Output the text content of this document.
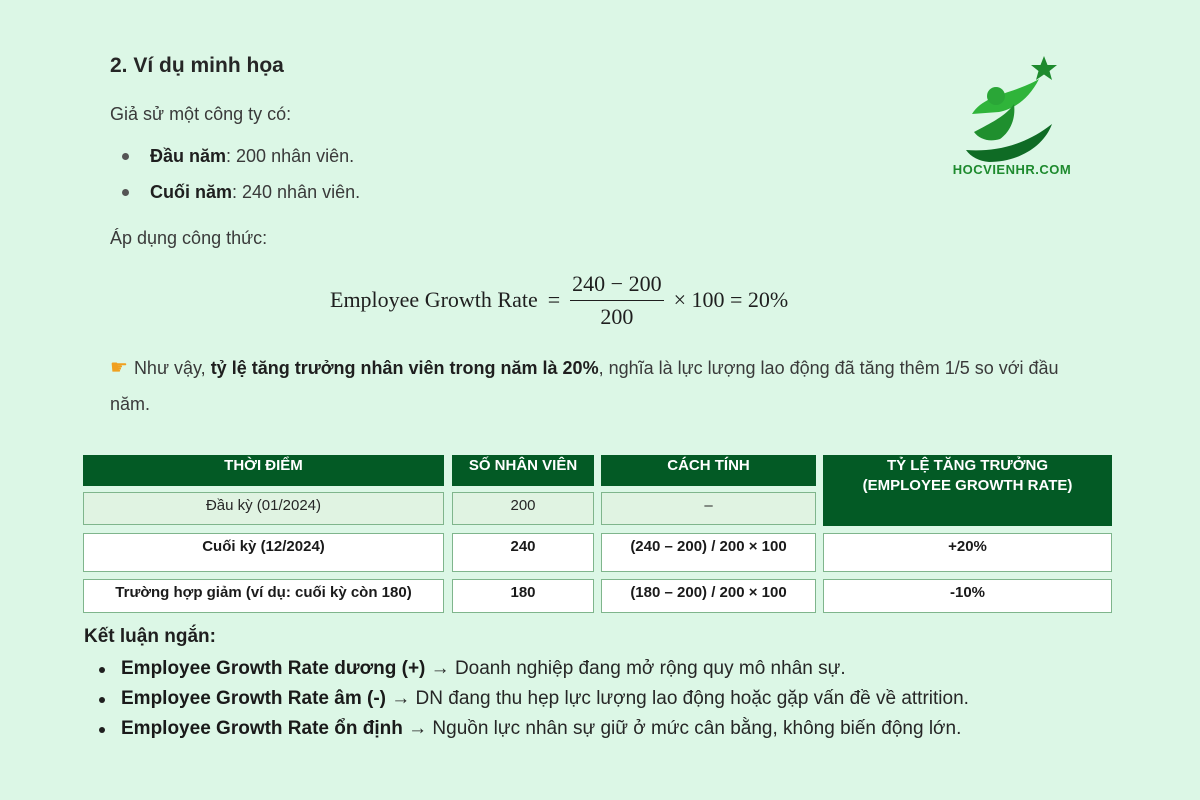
2. Ví dụ minh họa
Giả sử một công ty có:
Đầu năm: 200 nhân viên.
Cuối năm: 240 nhân viên.
Áp dụng công thức:
Employee Growth Rate = $\frac{240 - 200}{200} \times 100 = 20\%$
☛ Như vậy, tỷ lệ tăng trưởng nhân viên trong năm là 20%, nghĩa là lực lượng lao động đã tăng thêm 1/5 so với đầu năm.
HOCVIENHR.COM
THỜI ĐIỂM	SỐ NHÂN VIÊN	CÁCH TÍNH	TỶ LỆ TĂNG TRƯỞNG (EMPLOYEE GROWTH RATE)
Đầu kỳ (01/2024)	200	–
Cuối kỳ (12/2024)	240	(240 – 200) / 200 × 100	+20%
Trường hợp giảm (ví dụ: cuối kỳ còn 180)	180	(180 – 200) / 200 × 100	-10%
Kết luận ngắn:
Employee Growth Rate dương (+) → Doanh nghiệp đang mở rộng quy mô nhân sự.
Employee Growth Rate âm (-) → DN đang thu hẹp lực lượng lao động hoặc gặp vấn đề về attrition.
Employee Growth Rate ổn định → Nguồn lực nhân sự giữ ở mức cân bằng, không biến động lớn.
